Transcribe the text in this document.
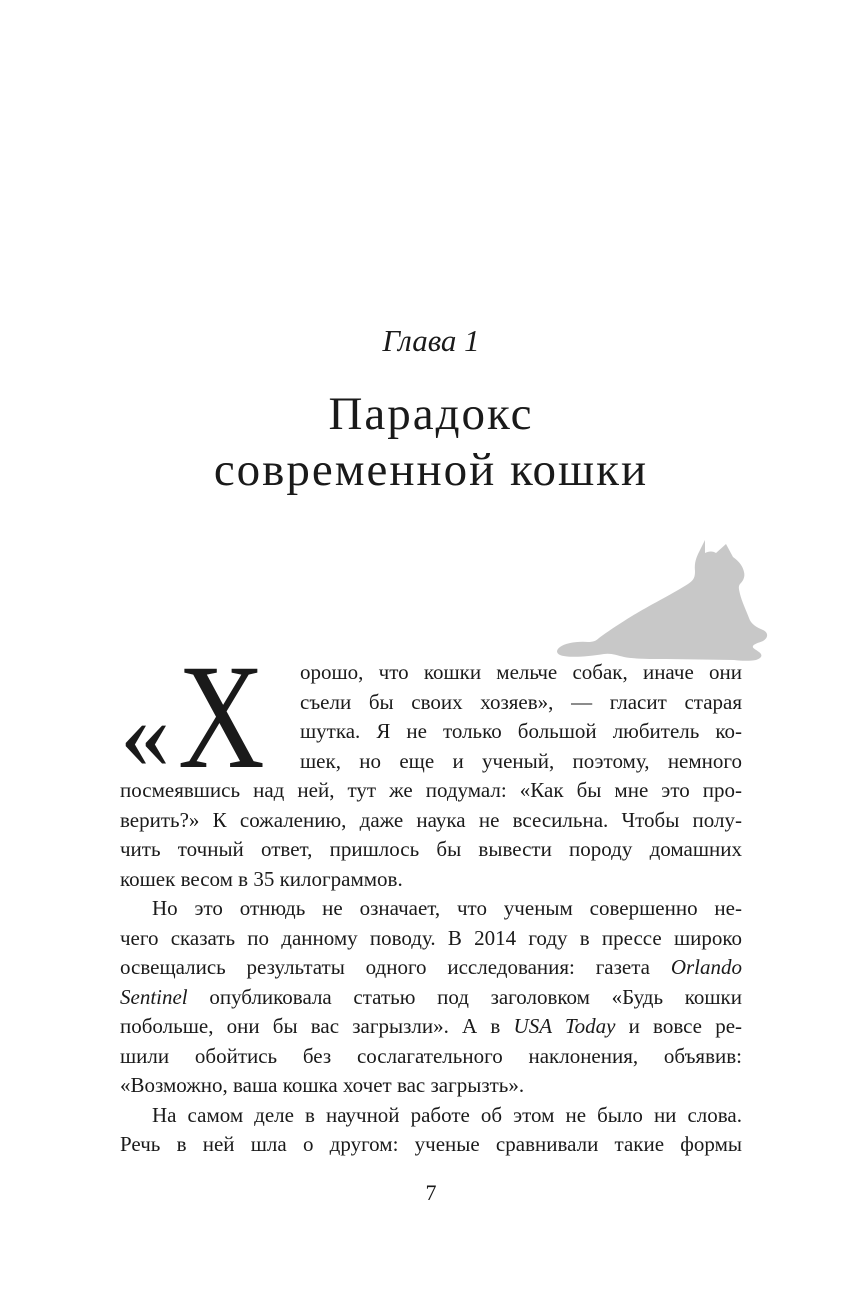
Глава 1
Парадокс
современной кошки
« Х	орошо, что кошки мельче собак, иначе они
съели бы своих хозяев», — гласит старая
шутка. Я не только большой любитель ко-
шек, но еще и ученый, поэтому, немного
посмеявшись над ней, тут же подумал: «Как бы мне это про-
верить?» К сожалению, даже наука не всесильна. Чтобы полу-
чить точный ответ, пришлось бы вывести породу домашних
кошек весом в 35 килограммов.
Но это отнюдь не означает, что ученым совершенно не-
чего сказать по данному поводу. В 2014 году в прессе широко
освещались результаты одного исследования: газета Orlando
Sentinel опубликовала статью под заголовком «Будь кошки
побольше, они бы вас загрызли». А в USA Today и вовсе ре-
шили обойтись без сослагательного наклонения, объявив:
«Возможно, ваша кошка хочет вас загрызть».
На самом деле в научной работе об этом не было ни слова.
Речь в ней шла о другом: ученые сравнивали такие формы
7
